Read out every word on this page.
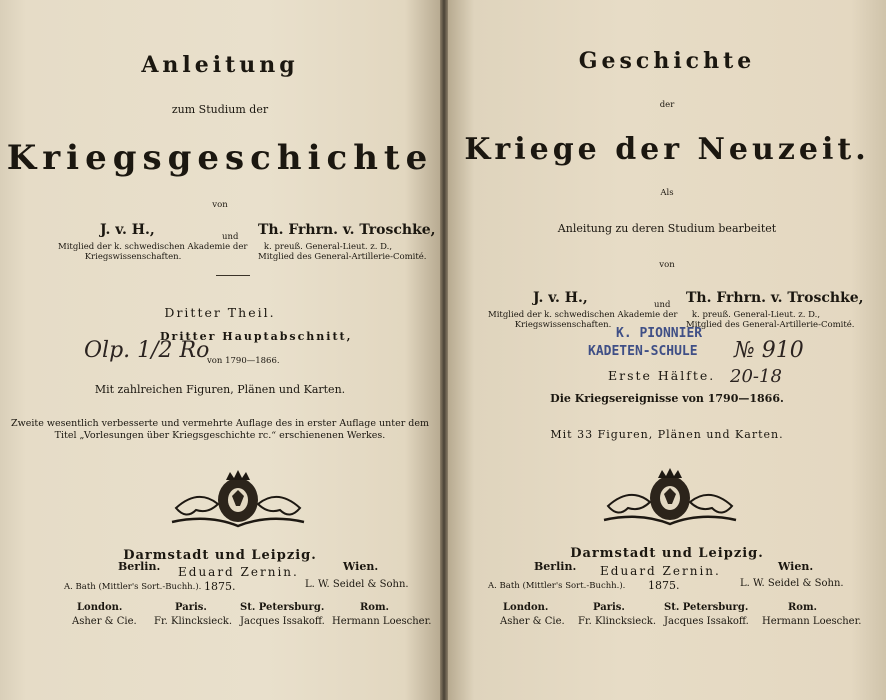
Anleitung
zum Studium der
Kriegsgeschichte
von
J. v. H.,
Mitglied der k. schwedischen Akademie der
Kriegswissenschaften.
und Th. Frhrn. v. Troschke,
k. preuß. General-Lieut. z. D.,
Mitglied des General-Artillerie-Comité.
Dritter Theil.
Dritter Hauptabschnitt,
Olp. 1/2 Ro
von 1790—1866.
Mit zahlreichen Figuren, Plänen und Karten.
Zweite wesentlich verbesserte und vermehrte Auflage des in erster Auflage unter dem
Titel „Vorlesungen über Kriegsgeschichte rc.“ erschienenen Werkes.
Darmstadt und Leipzig.
Berlin. Eduard Zernin.	Wien.
A. Bath (Mittler's Sort.-Buchh.). 1875.	L. W. Seidel & Sohn.
London.	Paris.	St. Petersburg.	Rom.
Asher & Cie. Fr. Klincksieck. Jacques Issakoff. Hermann Loescher.
Geschichte
der
Kriege der Neuzeit.
Als
Anleitung zu deren Studium bearbeitet
von
J. v. H.,
Mitglied der k. schwedischen Akademie der
Kriegswissenschaften.
und Th. Frhrn. v. Troschke,
k. preuß. General-Lieut. z. D.,
Mitglied des General-Artillerie-Comité.
K. PIONNIER
KADETEN-SCHULE № 910
20-18
Erste Hälfte.
Die Kriegsereignisse von 1790—1866.
Mit 33 Figuren, Plänen und Karten.
Darmstadt und Leipzig.
Berlin. Eduard Zernin.	Wien.
A. Bath (Mittler's Sort.-Buchh.). 1875.	L. W. Seidel & Sohn.
London.	Paris.	St. Petersburg.	Rom.
Asher & Cie. Fr. Klincksieck. Jacques Issakoff. Hermann Loescher.
